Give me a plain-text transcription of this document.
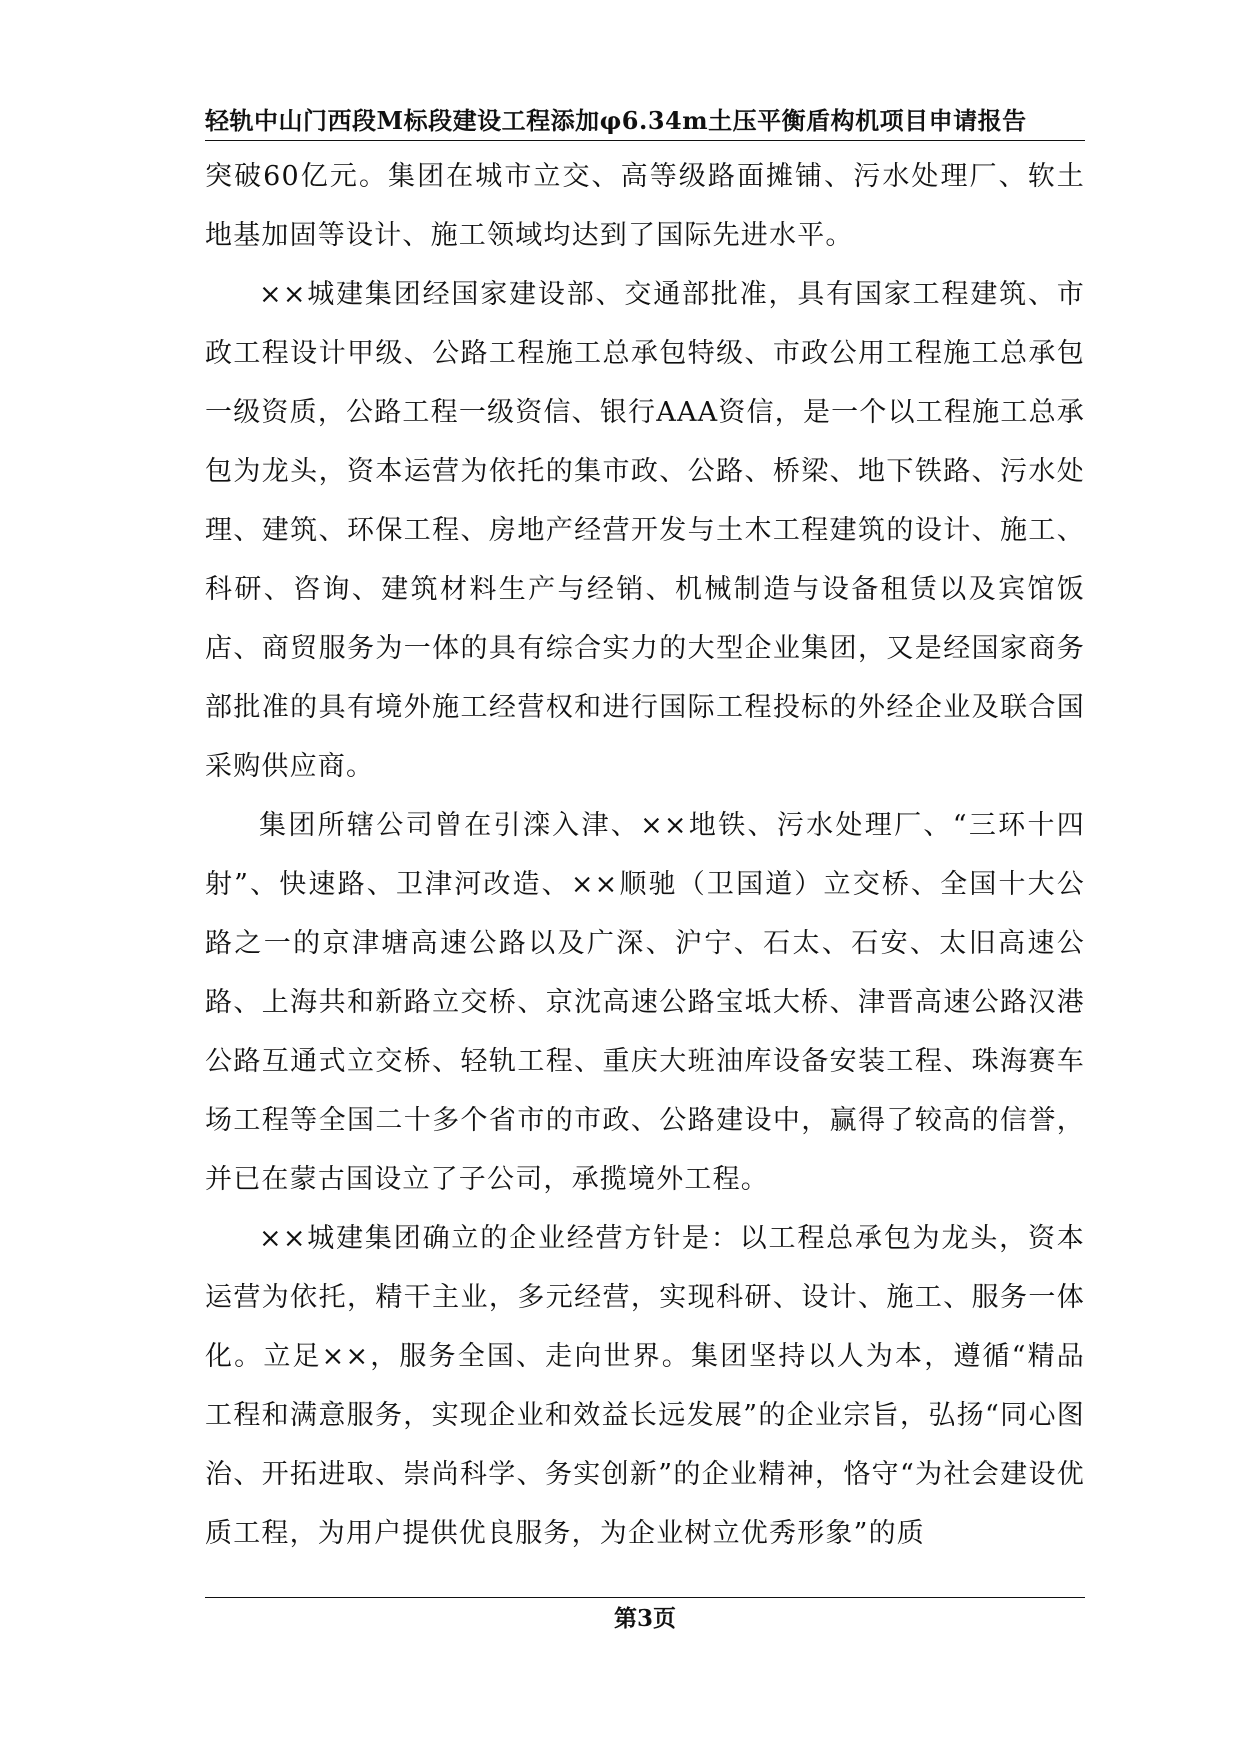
轻轨中山门西段M标段建设工程添加φ6.34m土压平衡盾构机项目申请报告

突破60亿元。集团在城市立交、高等级路面摊铺、污水处理厂、软土地基加固等设计、施工领域均达到了国际先进水平。

××城建集团经国家建设部、交通部批准，具有国家工程建筑、市政工程设计甲级、公路工程施工总承包特级、市政公用工程施工总承包一级资质，公路工程一级资信、银行AAA资信，是一个以工程施工总承包为龙头，资本运营为依托的集市政、公路、桥梁、地下铁路、污水处理、建筑、环保工程、房地产经营开发与土木工程建筑的设计、施工、科研、咨询、建筑材料生产与经销、机械制造与设备租赁以及宾馆饭店、商贸服务为一体的具有综合实力的大型企业集团，又是经国家商务部批准的具有境外施工经营权和进行国际工程投标的外经企业及联合国采购供应商。

集团所辖公司曾在引滦入津、××地铁、污水处理厂、“三环十四射”、快速路、卫津河改造、××顺驰（卫国道）立交桥、全国十大公路之一的京津塘高速公路以及广深、沪宁、石太、石安、太旧高速公路、上海共和新路立交桥、京沈高速公路宝坻大桥、津晋高速公路汉港公路互通式立交桥、轻轨工程、重庆大班油库设备安装工程、珠海赛车场工程等全国二十多个省市的市政、公路建设中，赢得了较高的信誉，并已在蒙古国设立了子公司，承揽境外工程。

××城建集团确立的企业经营方针是：以工程总承包为龙头，资本运营为依托，精干主业，多元经营，实现科研、设计、施工、服务一体化。立足××，服务全国、走向世界。集团坚持以人为本，遵循“精品工程和满意服务，实现企业和效益长远发展”的企业宗旨，弘扬“同心图治、开拓进取、崇尚科学、务实创新”的企业精神，恪守“为社会建设优质工程，为用户提供优良服务，为企业树立优秀形象”的质

第3页
